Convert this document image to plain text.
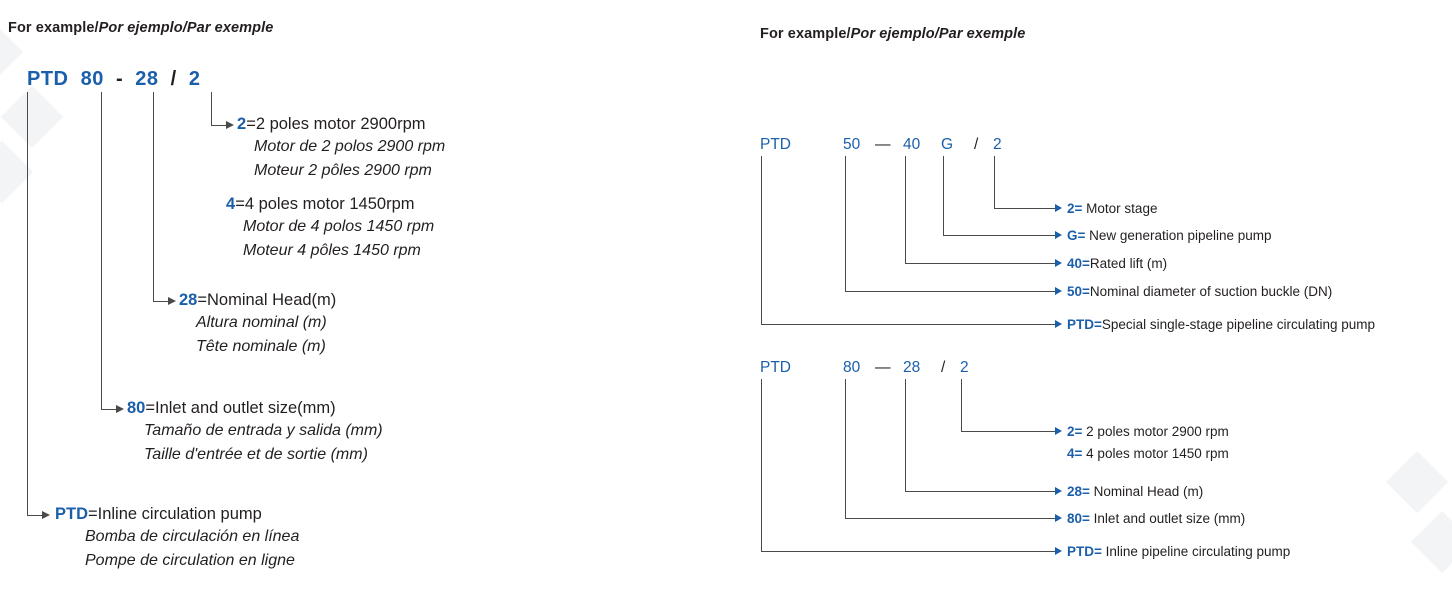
For example/Por ejemplo/Par exemple
PTD 80 - 28 / 2
2=2 poles motor 2900rpm
Motor de 2 polos 2900 rpm
Moteur 2 pôles 2900 rpm
4=4 poles motor 1450rpm
Motor de 4 polos 1450 rpm
Moteur 4 pôles 1450 rpm
28=Nominal Head(m)
Altura nominal (m)
Tête nominale (m)
80=Inlet and outlet size(mm)
Tamaño de entrada y salida (mm)
Taille d'entrée et de sortie (mm)
PTD=Inline circulation pump
Bomba de circulación en línea
Pompe de circulation en ligne
For example/Por ejemplo/Par exemple
PTD	50 — 40 G / 2
2= Motor stage
G= New generation pipeline pump
40=Rated lift (m)
50=Nominal diameter of suction buckle (DN)
PTD=Special single-stage pipeline circulating pump
PTD	80 — 28 / 2
2= 2 poles motor 2900 rpm
4= 4 poles motor 1450 rpm
28= Nominal Head (m)
80= Inlet and outlet size (mm)
PTD= Inline pipeline circulating pump
